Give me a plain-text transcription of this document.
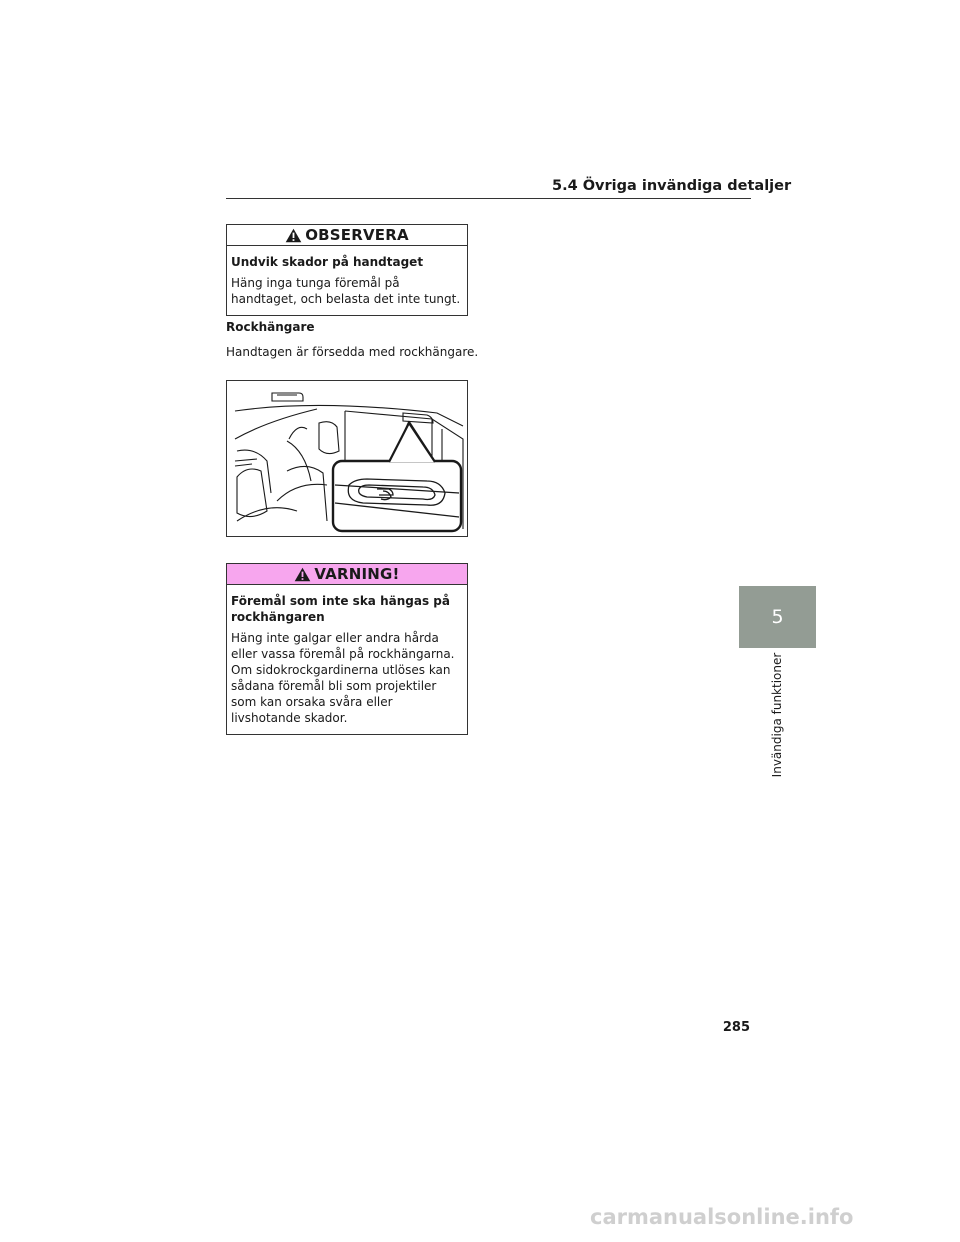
5.4 Övriga invändiga detaljer
OBSERVERA
Undvik skador på handtaget
Häng inga tunga föremål på handtaget, och belasta det inte tungt.
Rockhängare
Handtagen är försedda med rockhängare.
VARNING!
Föremål som inte ska hängas på rockhängaren
Häng inte galgar eller andra hårda eller vassa föremål på rockhängarna. Om sidokrockgardinerna utlöses kan sådana föremål bli som projektiler som kan orsaka svåra eller livshotande skador.
5
Invändiga funktioner
285
carmanualsonline.info
